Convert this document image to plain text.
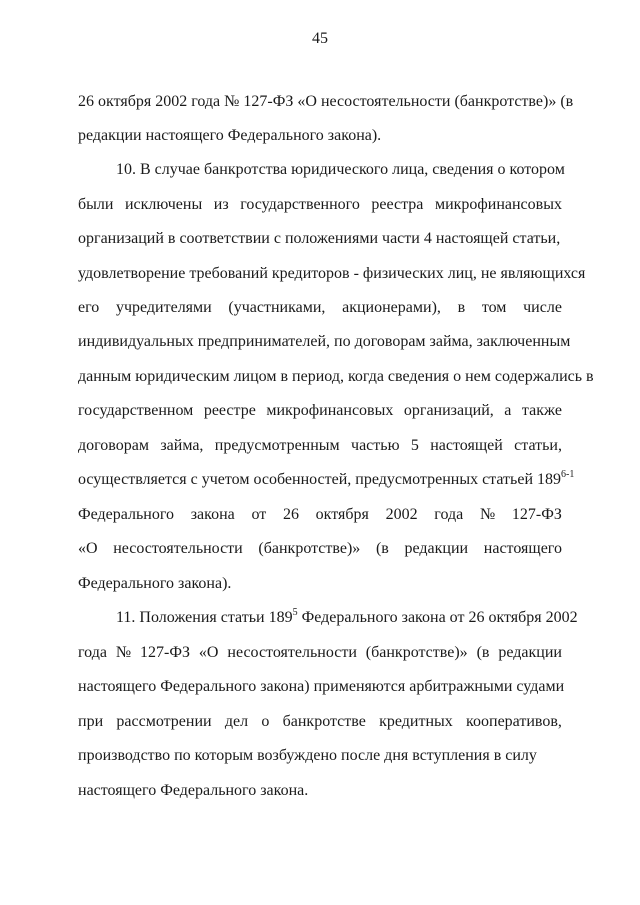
45
26 октября 2002 года № 127-ФЗ «О несостоятельности (банкротстве)» (в
редакции настоящего Федерального закона).
10. В случае банкротства юридического лица, сведения о котором
были исключены из государственного реестра микрофинансовых
организаций в соответствии с положениями части 4 настоящей статьи,
удовлетворение требований кредиторов - физических лиц, не являющихся
его учредителями (участниками, акционерами), в том числе
индивидуальных предпринимателей, по договорам займа, заключенным
данным юридическим лицом в период, когда сведения о нем содержались в
государственном реестре микрофинансовых организаций, а также
договорам займа, предусмотренным частью 5 настоящей статьи,
осуществляется с учетом особенностей, предусмотренных статьей 189$^{6-1}$
Федерального закона от 26 октября 2002 года № 127-ФЗ
«О несостоятельности (банкротстве)» (в редакции настоящего
Федерального закона).
11. Положения статьи $189^5$ Федерального закона от 26 октября 2002
года № 127-ФЗ «О несостоятельности (банкротстве)» (в редакции
настоящего Федерального закона) применяются арбитражными судами
при рассмотрении дел о банкротстве кредитных кооперативов,
производство по которым возбуждено после дня вступления в силу
настоящего Федерального закона.
